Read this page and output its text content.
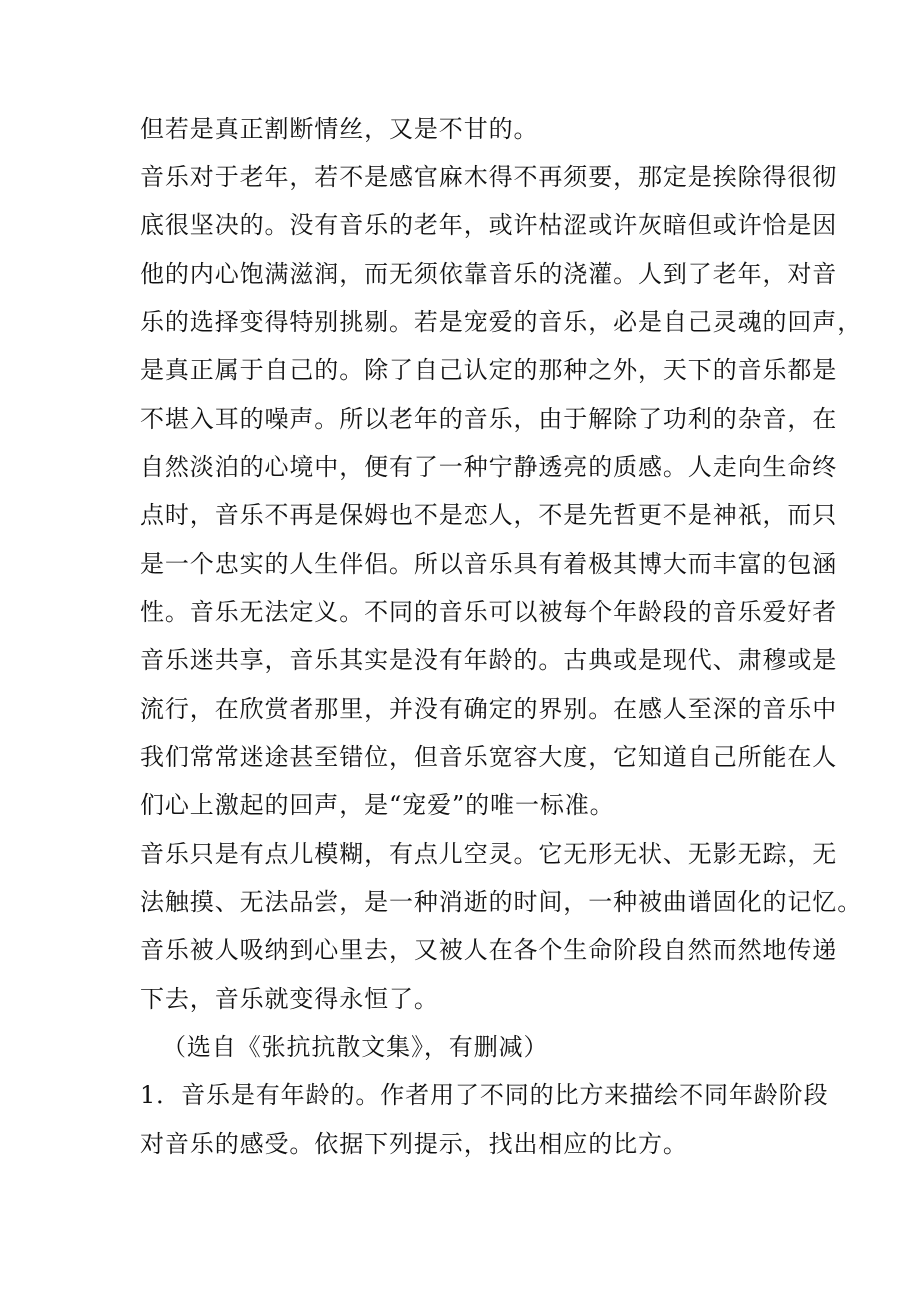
但若是真正割断情丝，又是不甘的。
音乐对于老年，若不是感官麻木得不再须要，那定是挨除得很彻
底很坚决的。没有音乐的老年，或许枯涩或许灰暗但或许恰是因
他的内心饱满滋润，而无须依靠音乐的浇灌。人到了老年，对音
乐的选择变得特别挑剔。若是宠爱的音乐，必是自己灵魂的回声，
是真正属于自己的。除了自己认定的那种之外，天下的音乐都是
不堪入耳的噪声。所以老年的音乐，由于解除了功利的杂音，在
自然淡泊的心境中，便有了一种宁静透亮的质感。人走向生命终
点时，音乐不再是保姆也不是恋人，不是先哲更不是神祇，而只
是一个忠实的人生伴侣。所以音乐具有着极其博大而丰富的包涵
性。音乐无法定义。不同的音乐可以被每个年龄段的音乐爱好者
音乐迷共享，音乐其实是没有年龄的。古典或是现代、肃穆或是
流行，在欣赏者那里，并没有确定的界别。在感人至深的音乐中
我们常常迷途甚至错位，但音乐宽容大度，它知道自己所能在人
们心上激起的回声，是“宠爱”的唯一标准。
音乐只是有点儿模糊，有点儿空灵。它无形无状、无影无踪，无
法触摸、无法品尝，是一种消逝的时间，一种被曲谱固化的记忆。
音乐被人吸纳到心里去，又被人在各个生命阶段自然而然地传递
下去，音乐就变得永恒了。
（选自《张抗抗散文集》，有删减）
1．音乐是有年龄的。作者用了不同的比方来描绘不同年龄阶段
对音乐的感受。依据下列提示，找出相应的比方。
